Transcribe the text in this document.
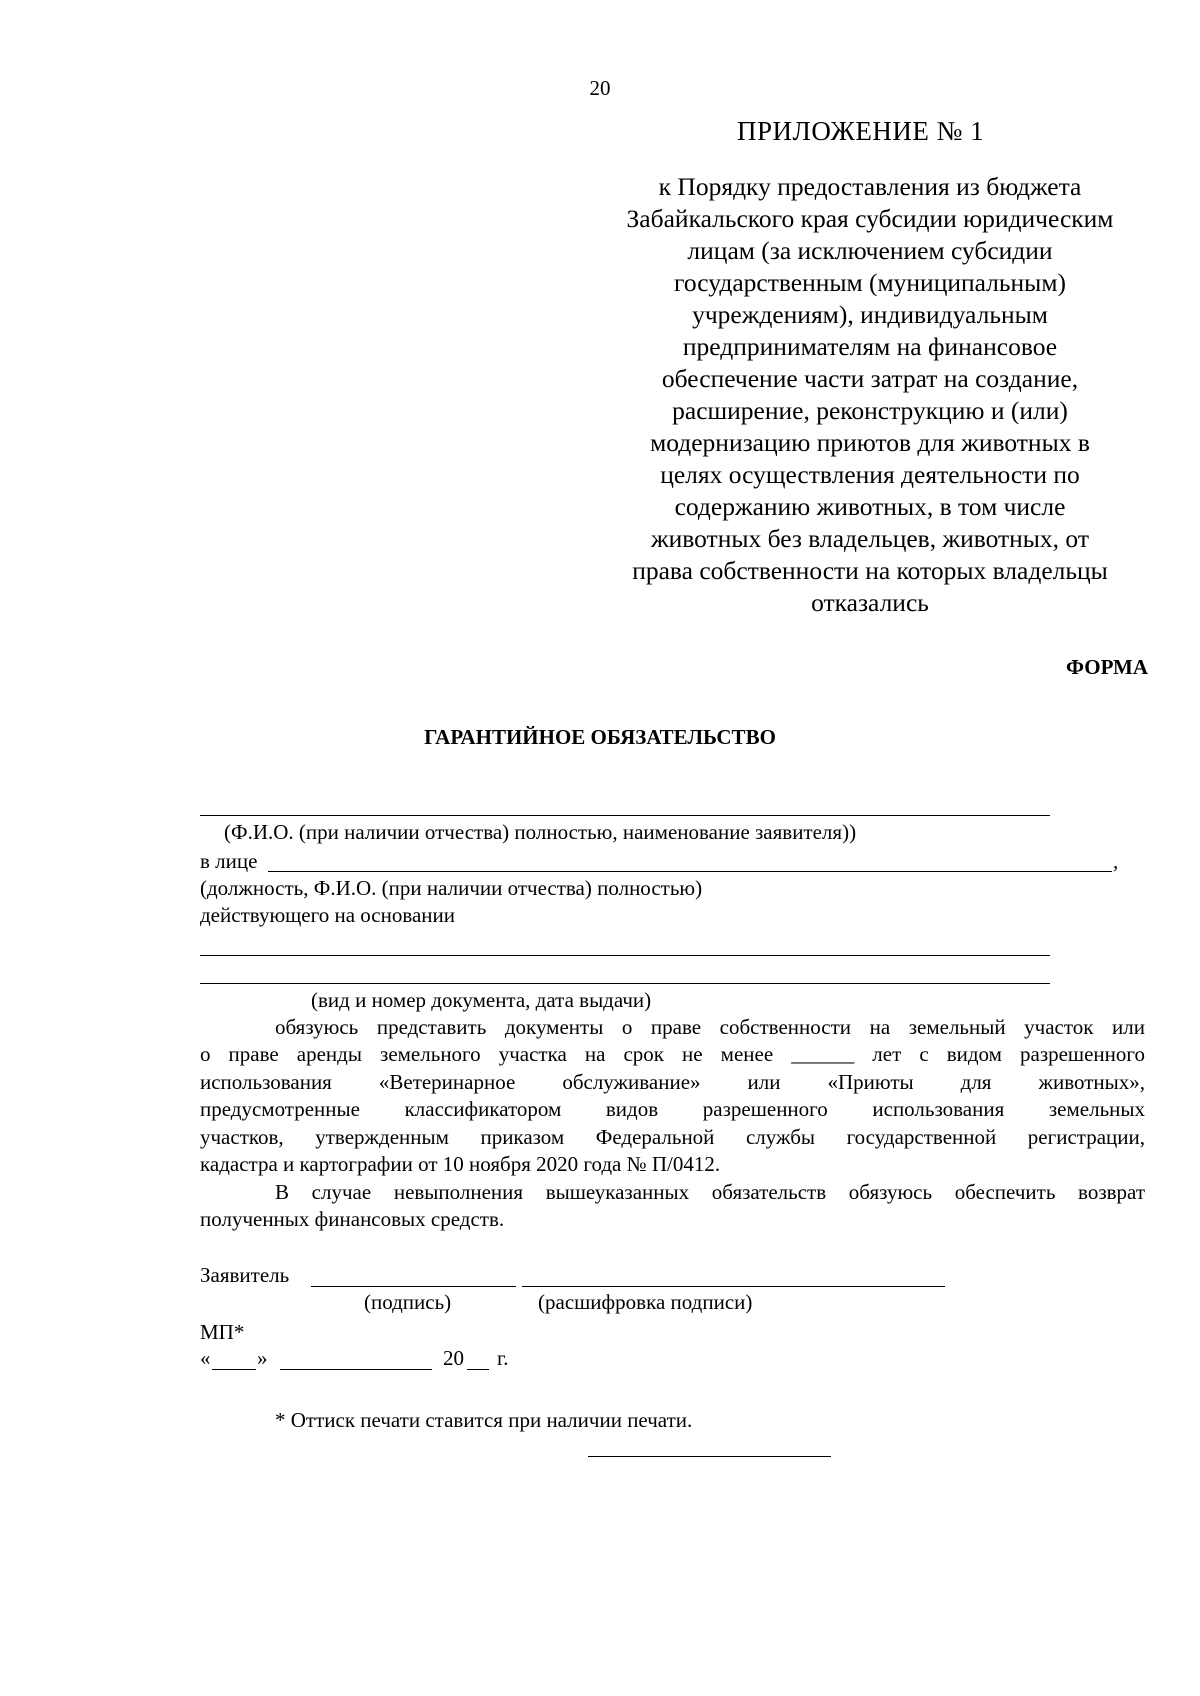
20
ПРИЛОЖЕНИЕ № 1
к Порядку предоставления из бюджета
Забайкальского края субсидии юридическим
лицам (за исключением субсидии
государственным (муниципальным)
учреждениям), индивидуальным
предпринимателям на финансовое
обеспечение части затрат на создание,
расширение, реконструкцию и (или)
модернизацию приютов для животных в
целях осуществления деятельности по
содержанию животных, в том числе
животных без владельцев, животных, от
права собственности на которых владельцы
отказались
ФОРМА
ГАРАНТИЙНОЕ ОБЯЗАТЕЛЬСТВО
(Ф.И.О. (при наличии отчества) полностью, наименование заявителя))
в лице	,
(должность, Ф.И.О. (при наличии отчества) полностью)
действующего на основании
(вид и номер документа, дата выдачи)
обязуюсь представить документы о праве собственности на земельный участок или
о праве аренды земельного участка на срок не менее ______ лет с видом разрешенного
использования «Ветеринарное обслуживание» или «Приюты для животных»,
предусмотренные классификатором видов разрешенного использования земельных
участков, утвержденным приказом Федеральной службы государственной регистрации,
кадастра и картографии от 10 ноября 2020 года № П/0412.
В случае невыполнения вышеуказанных обязательств обязуюсь обеспечить возврат
полученных финансовых средств.
Заявитель
(подпись)	(расшифровка подписи)
МП*
« »	20 г.
* Оттиск печати ставится при наличии печати.
